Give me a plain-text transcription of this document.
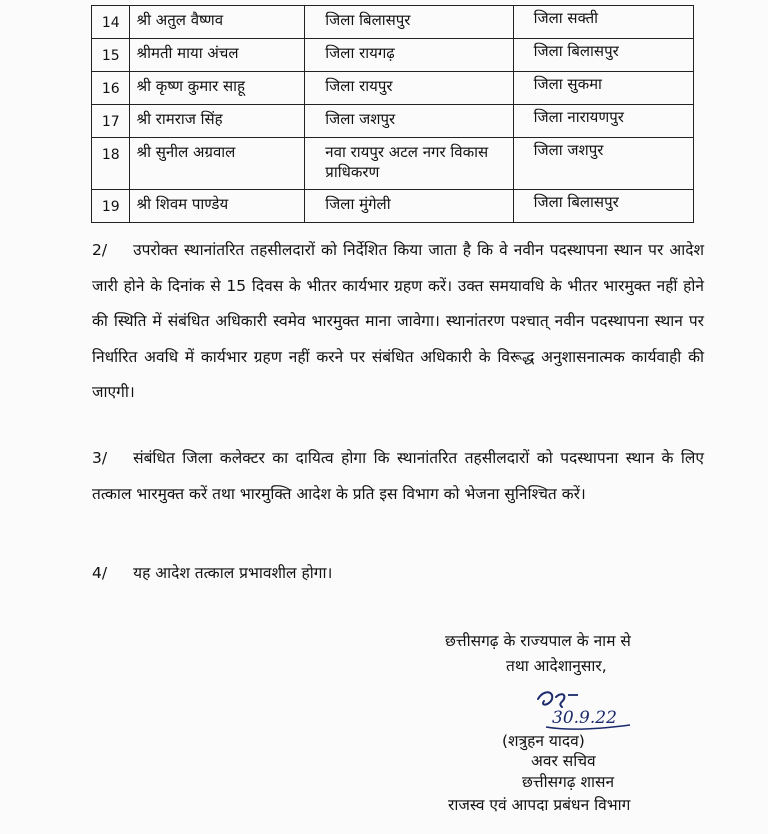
14	श्री अतुल वैष्णव	जिला बिलासपुर	जिला सक्ती
15	श्रीमती माया अंचल	जिला रायगढ़	जिला बिलासपुर
16	श्री कृष्ण कुमार साहू	जिला रायपुर	जिला सुकमा
17	श्री रामराज सिंह	जिला जशपुर	जिला नारायणपुर
18	श्री सुनील अग्रवाल	नवा रायपुर अटल नगर विकास प्राधिकरण	जिला जशपुर
19	श्री शिवम पाण्डेय	जिला मुंगेली	जिला बिलासपुर
2/ उपरोक्त स्थानांतरित तहसीलदारों को निर्देशित किया जाता है कि वे नवीन पदस्थापना स्थान पर आदेश जारी होने के दिनांक से 15 दिवस के भीतर कार्यभार ग्रहण करें। उक्त समयावधि के भीतर भारमुक्त नहीं होने की स्थिति में संबंधित अधिकारी स्वमेव भारमुक्त माना जावेगा। स्थानांतरण पश्चात् नवीन पदस्थापना स्थान पर निर्धारित अवधि में कार्यभार ग्रहण नहीं करने पर संबंधित अधिकारी के विरूद्ध अनुशासनात्मक कार्यवाही की जाएगी।
3/ संबंधित जिला कलेक्टर का दायित्व होगा कि स्थानांतरित तहसीलदारों को पदस्थापना स्थान के लिए तत्काल भारमुक्त करें तथा भारमुक्ति आदेश के प्रति इस विभाग को भेजना सुनिश्चित करें।
4/ यह आदेश तत्काल प्रभावशील होगा।
छत्तीसगढ़ के राज्यपाल के नाम से
तथा आदेशानुसार,
30.9.22
(शत्रुहन यादव)
अवर सचिव
छत्तीसगढ़ शासन
राजस्व एवं आपदा प्रबंधन विभाग
